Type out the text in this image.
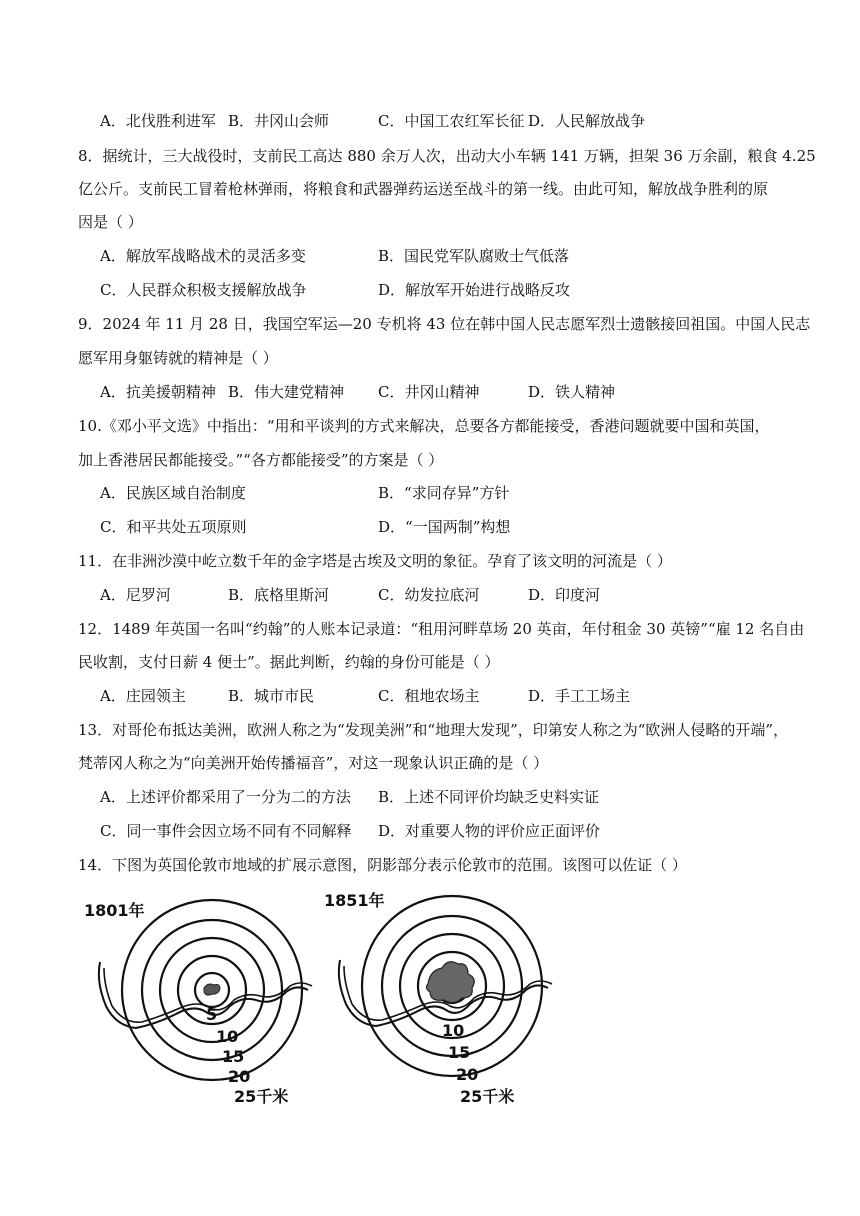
A．北伐胜利进军 B．井冈山会师	C．中国工农红军长征 D．人民解放战争
8．据统计，三大战役时，支前民工高达 880 余万人次，出动大小车辆 141 万辆，担架 36 万余副，粮食 4.25
亿公斤。支前民工冒着枪林弹雨，将粮食和武器弹药运送至战斗的第一线。由此可知，解放战争胜利的原
因是（ ）
A．解放军战略战术的灵活多变	B．国民党军队腐败士气低落
C．人民群众积极支援解放战争	D．解放军开始进行战略反攻
9．2024 年 11 月 28 日，我国空军运—20 专机将 43 位在韩中国人民志愿军烈士遗骸接回祖国。中国人民志
愿军用身躯铸就的精神是（ ）
A．抗美援朝精神 B．伟大建党精神 C．井冈山精神	D．铁人精神
10.《邓小平文选》中指出：“用和平谈判的方式来解决，总要各方都能接受，香港问题就要中国和英国，
加上香港居民都能接受。”“各方都能接受”的方案是（ ）
A．民族区域自治制度	B．“求同存异”方针
C．和平共处五项原则	D．“一国两制”构想
11．在非洲沙漠中屹立数千年的金字塔是古埃及文明的象征。孕育了该文明的河流是（ ）
A．尼罗河	B．底格里斯河	C．幼发拉底河	D．印度河
12．1489 年英国一名叫“约翰”的人账本记录道：“租用河畔草场 20 英亩，年付租金 30 英镑”“雇 12 名自由
民收割，支付日薪 4 便士”。据此判断，约翰的身份可能是（ ）
A．庄园领主	B．城市市民	C．租地农场主	D．手工工场主
13．对哥伦布抵达美洲，欧洲人称之为“发现美洲”和“地理大发现”，印第安人称之为“欧洲人侵略的开端”，
梵蒂冈人称之为“向美洲开始传播福音”，对这一现象认识正确的是（ ）
A．上述评价都采用了一分为二的方法 B．上述不同评价均缺乏史料实证
C．同一事件会因立场不同有不同解释 D．对重要人物的评价应正面评价
14．下图为英国伦敦市地域的扩展示意图，阴影部分表示伦敦市的范围。该图可以佐证（ ）
1801年
5
10
15
20
25千米
1851年
10
15
20
25千米
